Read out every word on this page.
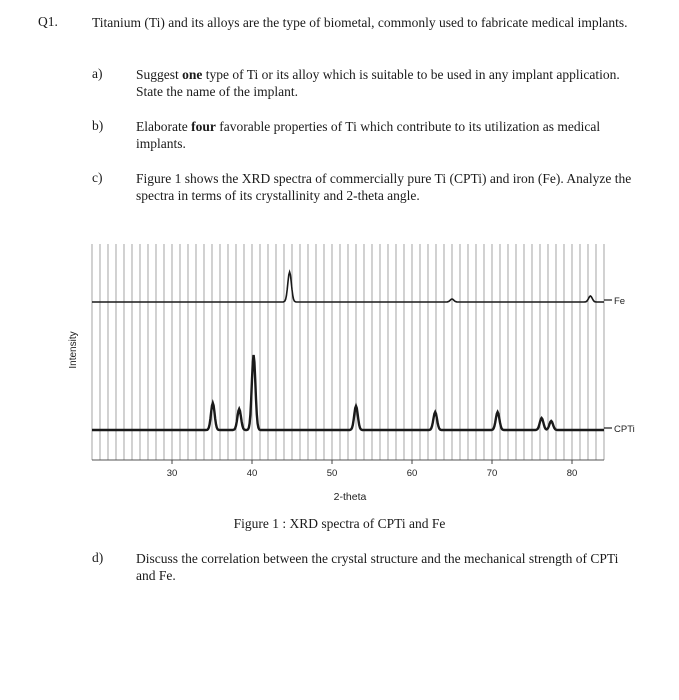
Q1.	Titanium (Ti) and its alloys are the type of biometal, commonly used to fabricate medical implants.
a) Suggest one type of Ti or its alloy which is suitable to be used in any implant application. State the name of the implant.
b) Elaborate four favorable properties of Ti which contribute to its utilization as medical implants.
c) Figure 1 shows the XRD spectra of commercially pure Ti (CPTi) and iron (Fe). Analyze the spectra in terms of its crystallinity and 2-theta angle.
Fe
CPTi
30	40	50	60	70	80
Intensity
2-theta
Figure 1 : XRD spectra of CPTi and Fe
d) Discuss the correlation between the crystal structure and the mechanical strength of CPTi and Fe.
